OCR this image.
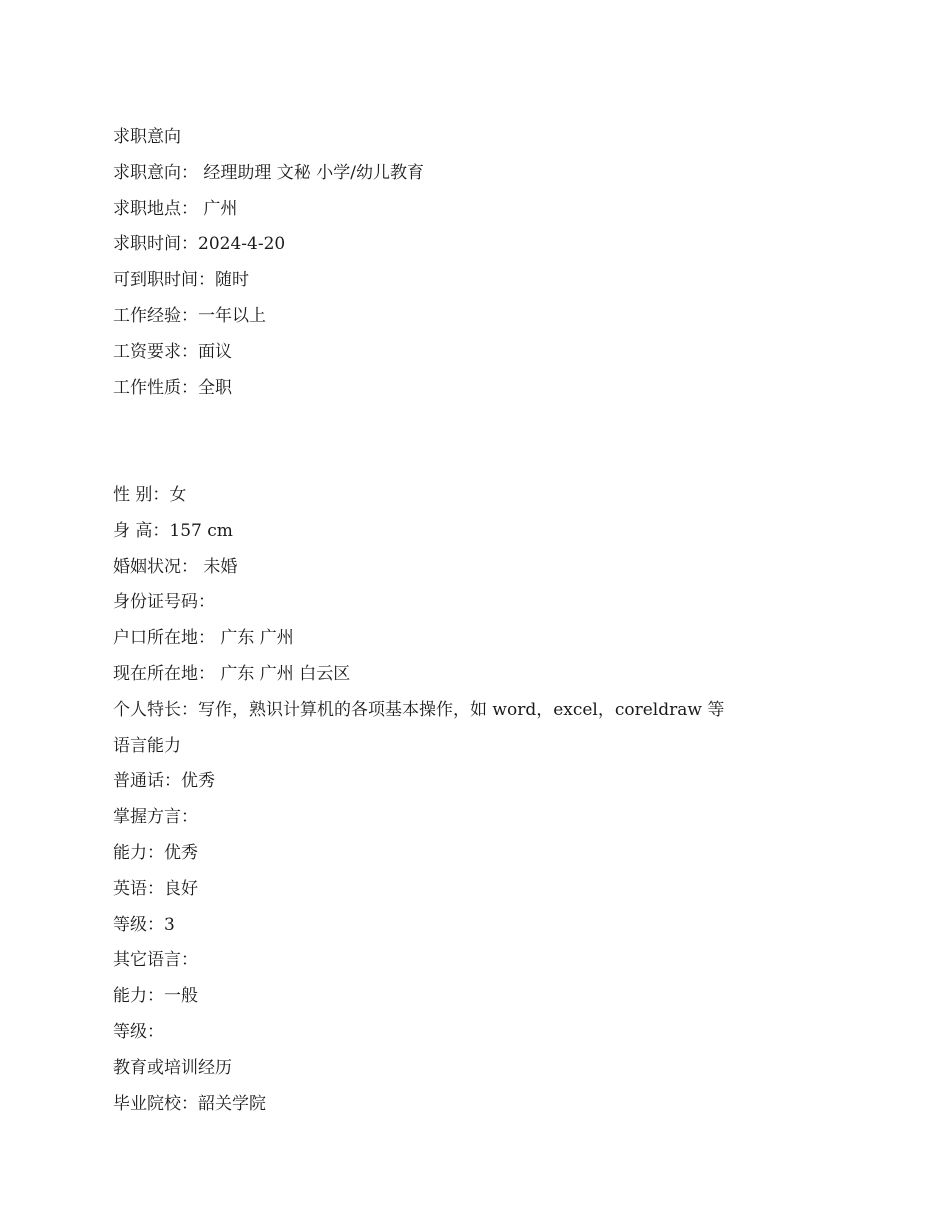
求职意向
求职意向： 经理助理 文秘 小学/幼儿教育
求职地点： 广州
求职时间：2024-4-20
可到职时间：随时
工作经验：一年以上
工资要求：面议
工作性质：全职
性 别：女
身 高：157 cm
婚姻状况： 未婚
身份证号码：
户口所在地： 广东 广州
现在所在地： 广东 广州 白云区
个人特长：写作，熟识计算机的各项基本操作，如 word，excel，coreldraw 等
语言能力
普通话：优秀
掌握方言：
能力：优秀
英语：良好
等级：3
其它语言：
能力：一般
等级：
教育或培训经历
毕业院校：韶关学院
